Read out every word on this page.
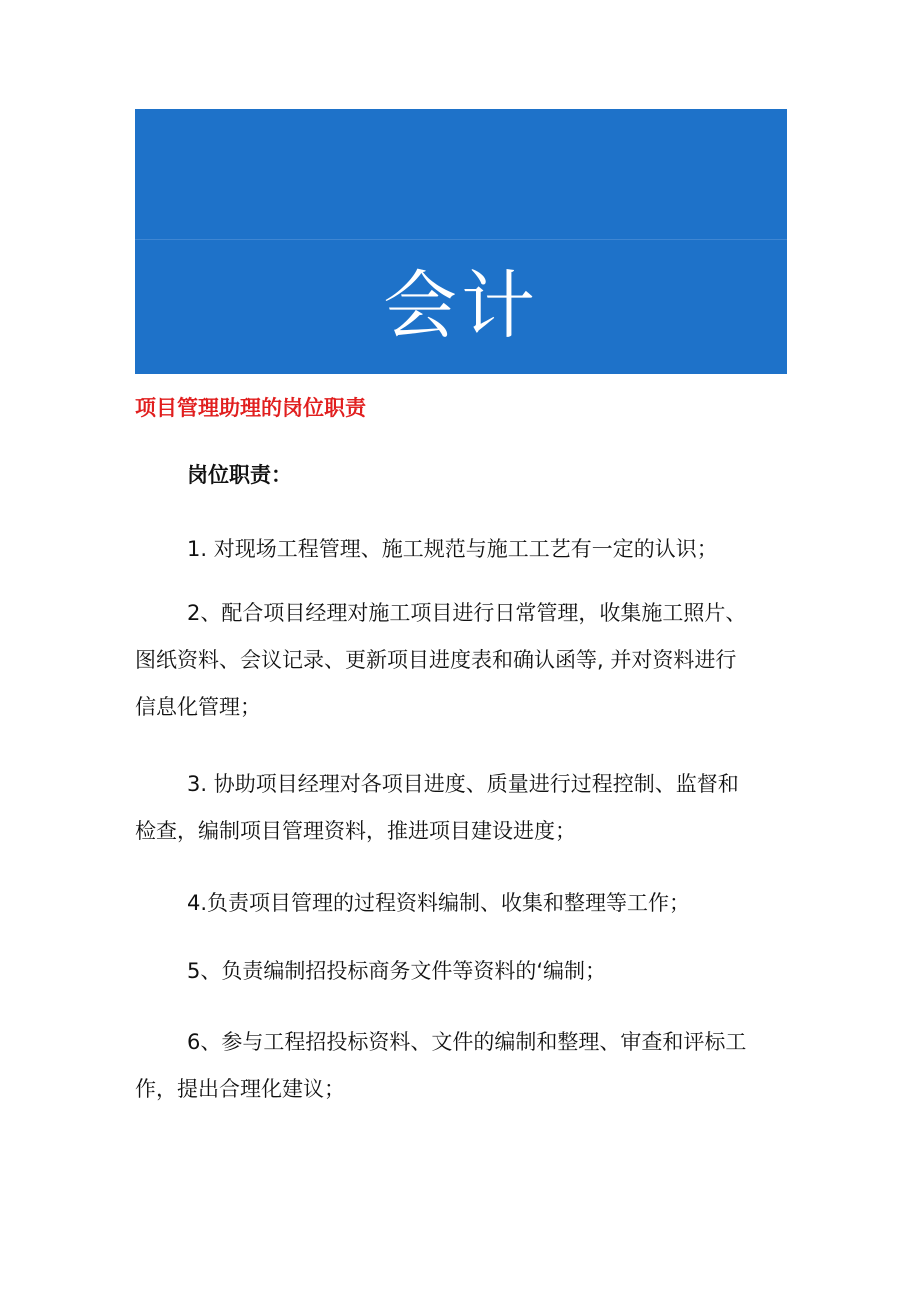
会计
实务
项目管理助理的岗位职责
岗位职责：
1. 对现场工程管理、施工规范与施工工艺有一定的认识；
2、配合项目经理对施工项目进行日常管理，收集施工照片、图纸资料、会议记录、更新项目进度表和确认函等, 并对资料进行信息化管理；
3. 协助项目经理对各项目进度、质量进行过程控制、监督和检查，编制项目管理资料，推进项目建设进度；
4.负责项目管理的过程资料编制、收集和整理等工作；
5、负责编制招投标商务文件等资料的‘编制；
6、参与工程招投标资料、文件的编制和整理、审查和评标工作，提出合理化建议；
